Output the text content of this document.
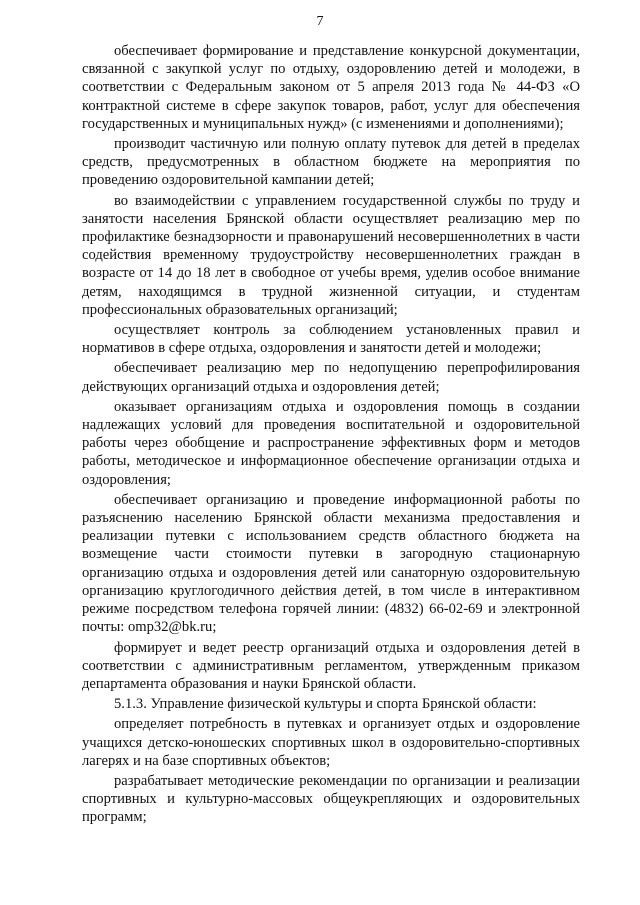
7

обеспечивает формирование и представление конкурсной документации, связанной с закупкой услуг по отдыху, оздоровлению детей и молодежи, в соответствии с Федеральным законом от 5 апреля 2013 года № 44-ФЗ «О контрактной системе в сфере закупок товаров, работ, услуг для обеспечения государственных и муниципальных нужд» (с изменениями и дополнениями);

производит частичную или полную оплату путевок для детей в пределах средств, предусмотренных в областном бюджете на мероприятия по проведению оздоровительной кампании детей;

во взаимодействии с управлением государственной службы по труду и занятости населения Брянской области осуществляет реализацию мер по профилактике безнадзорности и правонарушений несовершеннолетних в части содействия временному трудоустройству несовершеннолетних граждан в возрасте от 14 до 18 лет в свободное от учебы время, уделив особое внимание детям, находящимся в трудной жизненной ситуации, и студентам профессиональных образовательных организаций;

осуществляет контроль за соблюдением установленных правил и нормативов в сфере отдыха, оздоровления и занятости детей и молодежи;

обеспечивает реализацию мер по недопущению перепрофилирования действующих организаций отдыха и оздоровления детей;

оказывает организациям отдыха и оздоровления помощь в создании надлежащих условий для проведения воспитательной и оздоровительной работы через обобщение и распространение эффективных форм и методов работы, методическое и информационное обеспечение организации отдыха и оздоровления;

обеспечивает организацию и проведение информационной работы по разъяснению населению Брянской области механизма предоставления и реализации путевки с использованием средств областного бюджета на возмещение части стоимости путевки в загородную стационарную организацию отдыха и оздоровления детей или санаторную оздоровительную организацию круглогодичного действия детей, в том числе в интерактивном режиме посредством телефона горячей линии: (4832) 66-02-69 и электронной почты: omp32@bk.ru;

формирует и ведет реестр организаций отдыха и оздоровления детей в соответствии с административным регламентом, утвержденным приказом департамента образования и науки Брянской области.

5.1.3. Управление физической культуры и спорта Брянской области:

определяет потребность в путевках и организует отдых и оздоровление учащихся детско-юношеских спортивных школ в оздоровительно-спортивных лагерях и на базе спортивных объектов;

разрабатывает методические рекомендации по организации и реализации спортивных и культурно-массовых общеукрепляющих и оздоровительных программ;
